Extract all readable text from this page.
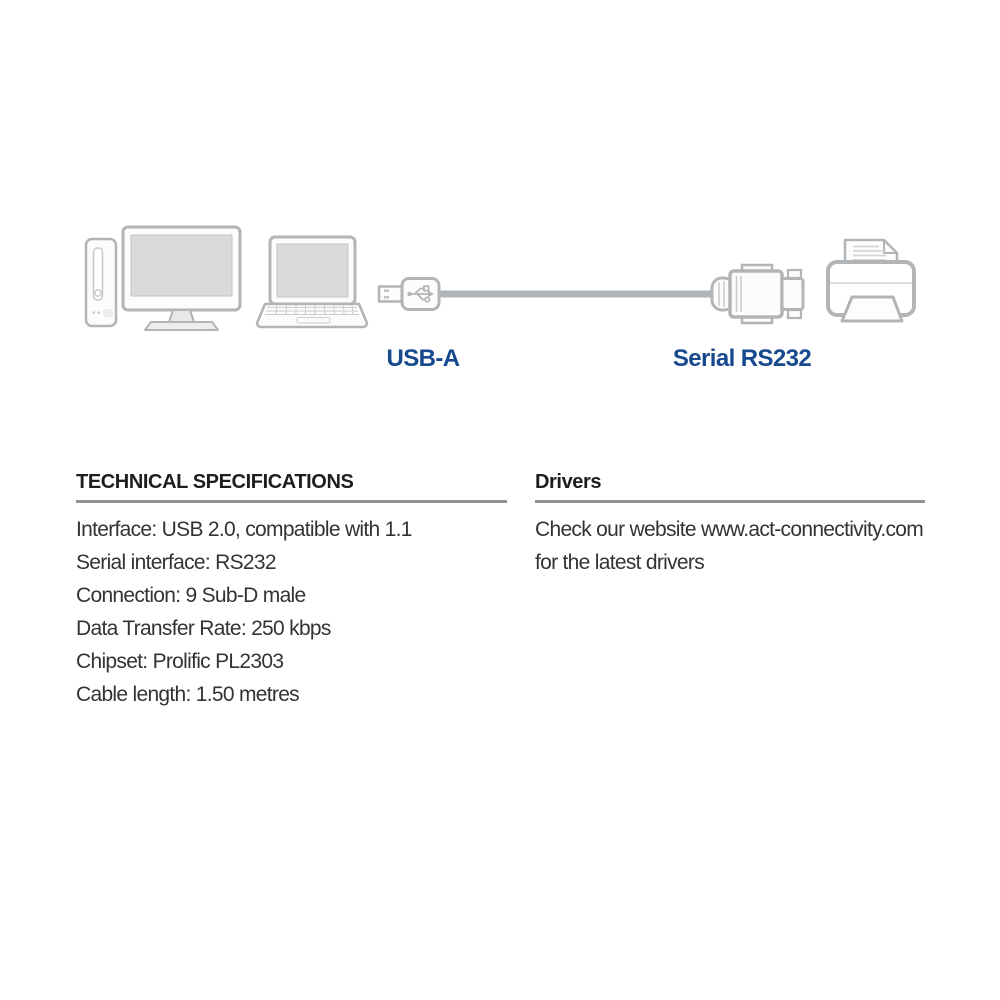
USB-A	Serial RS232
TECHNICAL SPECIFICATIONS
Interface: USB 2.0, compatible with 1.1
Serial interface: RS232
Connection: 9 Sub-D male
Data Transfer Rate: 250 kbps
Chipset: Prolific PL2303
Cable length: 1.50 metres
Drivers
Check our website www.act-connectivity.com
for the latest drivers
